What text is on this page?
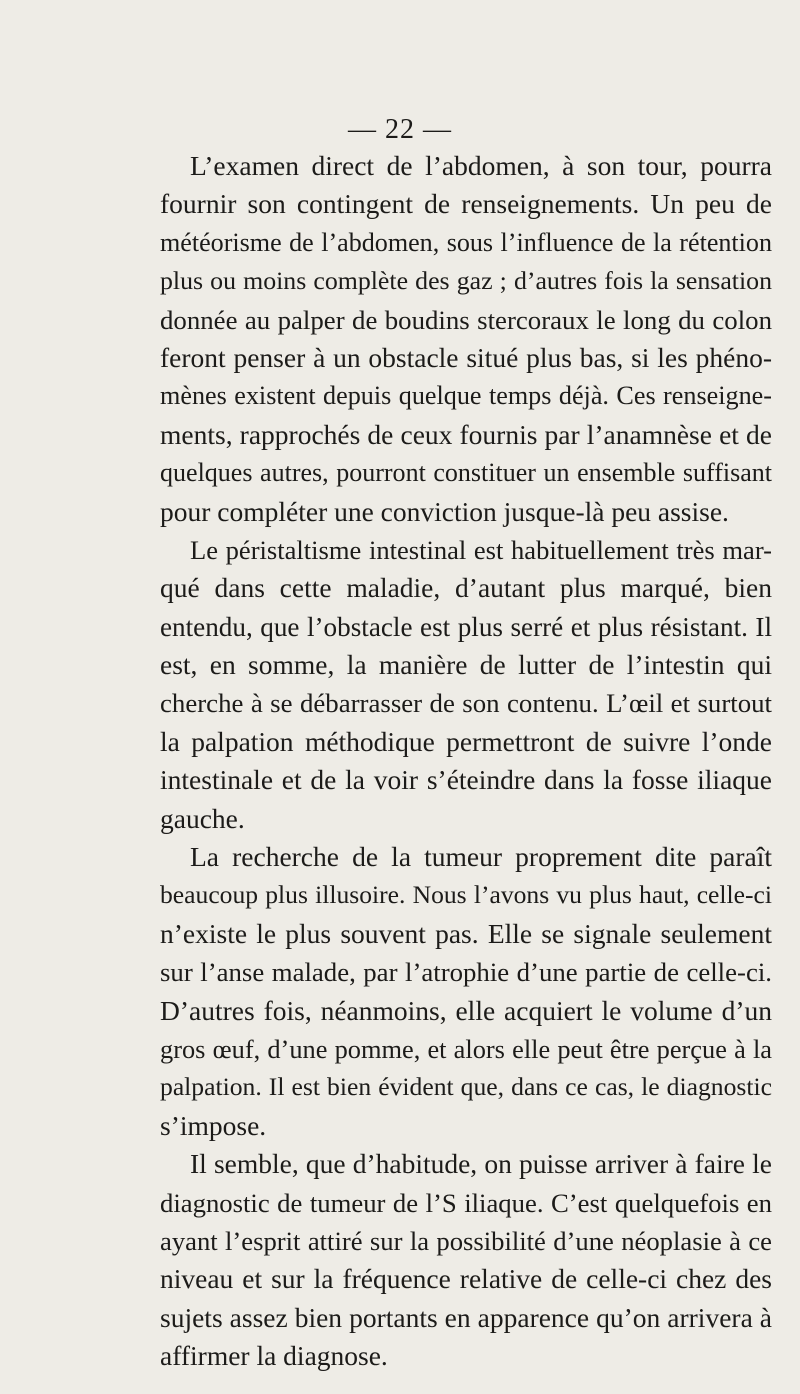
— 22 —
L’examen direct de l’abdomen, à son tour, pourra
fournir son contingent de renseignements. Un peu de
météorisme de l’abdomen, sous l’influence de la rétention
plus ou moins complète des gaz ; d’autres fois la sensation
donnée au palper de boudins stercoraux le long du colon
feront penser à un obstacle situé plus bas, si les phéno-
mènes existent depuis quelque temps déjà. Ces renseigne-
ments, rapprochés de ceux fournis par l’anamnèse et de
quelques autres, pourront constituer un ensemble suffisant
pour compléter une conviction jusque-là peu assise.
Le péristaltisme intestinal est habituellement très mar-
qué dans cette maladie, d’autant plus marqué, bien
entendu, que l’obstacle est plus serré et plus résistant. Il
est, en somme, la manière de lutter de l’intestin qui
cherche à se débarrasser de son contenu. L’œil et surtout
la palpation méthodique permettront de suivre l’onde
intestinale et de la voir s’éteindre dans la fosse iliaque
gauche.
La recherche de la tumeur proprement dite paraît
beaucoup plus illusoire. Nous l’avons vu plus haut, celle-ci
n’existe le plus souvent pas. Elle se signale seulement
sur l’anse malade, par l’atrophie d’une partie de celle-ci.
D’autres fois, néanmoins, elle acquiert le volume d’un
gros œuf, d’une pomme, et alors elle peut être perçue à la
palpation. Il est bien évident que, dans ce cas, le diagnostic
s’impose.
Il semble, que d’habitude, on puisse arriver à faire le
diagnostic de tumeur de l’S iliaque. C’est quelquefois en
ayant l’esprit attiré sur la possibilité d’une néoplasie à ce
niveau et sur la fréquence relative de celle-ci chez des
sujets assez bien portants en apparence qu’on arrivera à
affirmer la diagnose.
